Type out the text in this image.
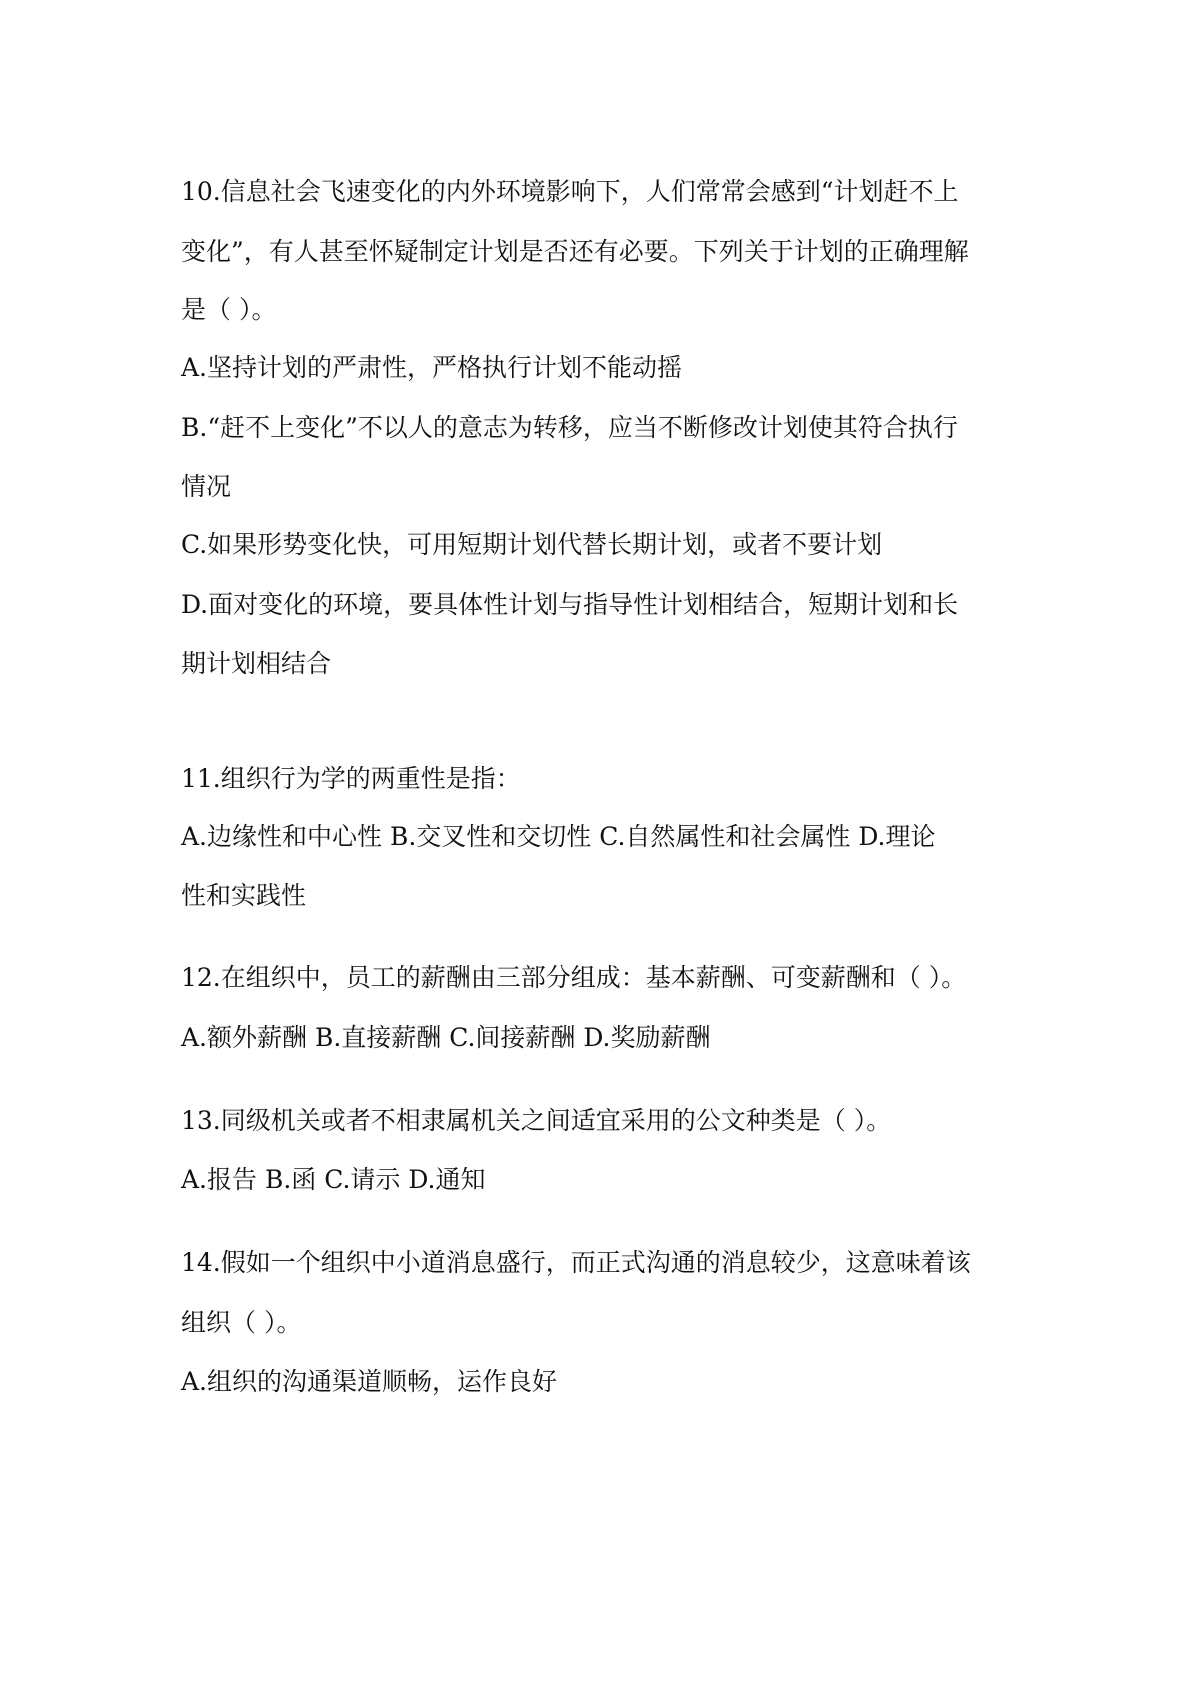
10.信息社会飞速变化的内外环境影响下，人们常常会感到“计划赶不上

变化”，有人甚至怀疑制定计划是否还有必要。下列关于计划的正确理解

是（ ）。

A.坚持计划的严肃性，严格执行计划不能动摇

B.“赶不上变化”不以人的意志为转移，应当不断修改计划使其符合执行

情况

C.如果形势变化快，可用短期计划代替长期计划，或者不要计划

D.面对变化的环境，要具体性计划与指导性计划相结合，短期计划和长

期计划相结合

11.组织行为学的两重性是指：

A.边缘性和中心性 B.交叉性和交切性 C.自然属性和社会属性 D.理论

性和实践性

12.在组织中，员工的薪酬由三部分组成：基本薪酬、可变薪酬和（ ）。

A.额外薪酬 B.直接薪酬 C.间接薪酬 D.奖励薪酬

13.同级机关或者不相隶属机关之间适宜采用的公文种类是（ ）。

A.报告 B.函 C.请示 D.通知

14.假如一个组织中小道消息盛行，而正式沟通的消息较少，这意味着该

组织（ ）。

A.组织的沟通渠道顺畅，运作良好
